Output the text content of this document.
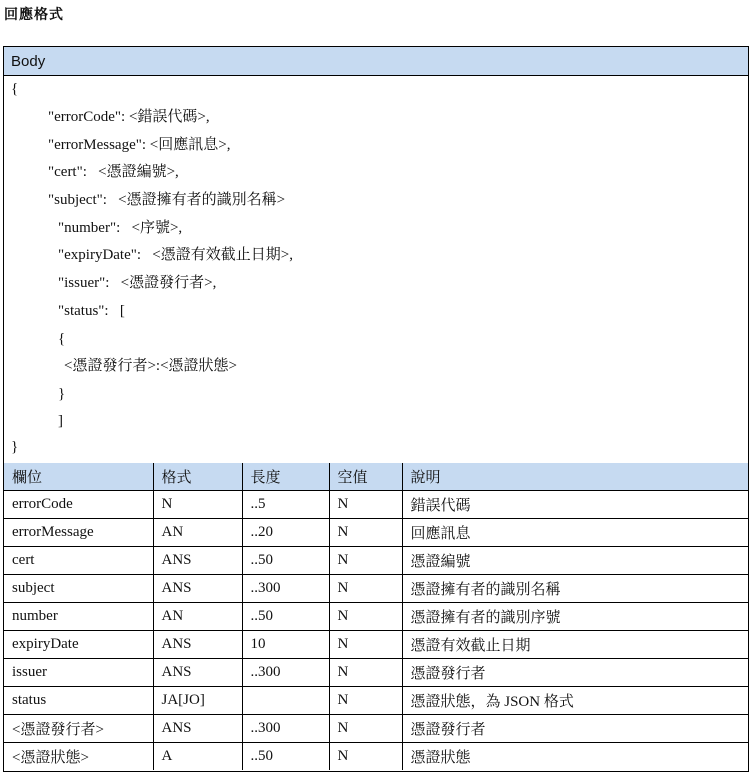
回應格式
Body
{
"errorCode": <錯誤代碼>,
"errorMessage": <回應訊息>,
"cert":   <憑證編號>,
"subject":   <憑證擁有者的識別名稱>
"number":   <序號>,
"expiryDate":   <憑證有效截止日期>,
"issuer":   <憑證發行者>,
"status":   [
{
<憑證發行者>:<憑證狀態>
}
]
}
欄位	格式	長度	空值	說明
errorCode	N	..5	N	錯誤代碼
errorMessage	AN	..20	N	回應訊息
cert	ANS	..50	N	憑證編號
subject	ANS	..300	N	憑證擁有者的識別名稱
number	AN	..50	N	憑證擁有者的識別序號
expiryDate	ANS	10	N	憑證有效截止日期
issuer	ANS	..300	N	憑證發行者
status	JA[JO]		N	憑證狀態，為 JSON 格式
<憑證發行者>	ANS	..300	N	憑證發行者
<憑證狀態>	A	..50	N	憑證狀態
